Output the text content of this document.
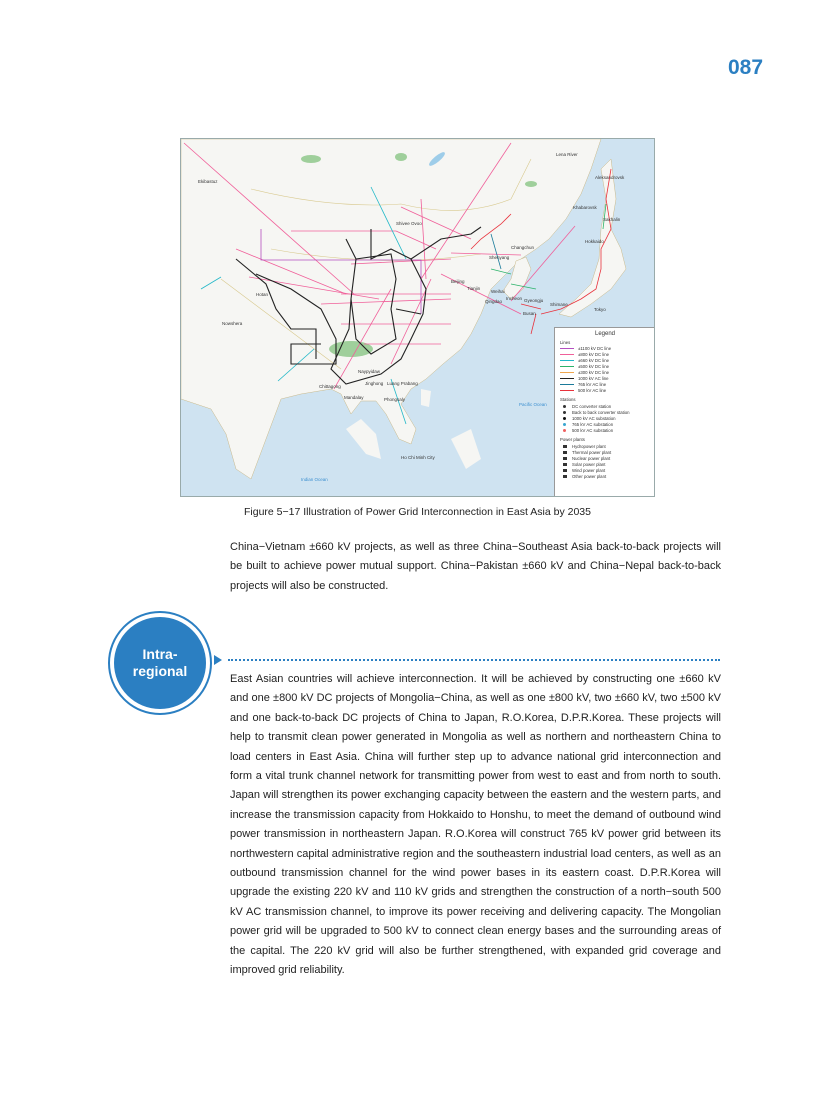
087
Ekibastuz
Lena River
Aleksandrovsk
Khabarovsk
Sakhalin
Hokkaido
Shivee Ovoo
Changchun
Shenyang
Beijing
Tianjin
Weihai
Qingdao
Incheon Gyeongju
Busan
Shimane
Tokyo
Hotan
Nowshera
Naypyidaw
Chittagong
Mandalay
Jinghong Luang Prabang
Phongsaly
Ho Chi Minh City
Pacific Ocean
Indian Ocean
Legend
Lines
±1100 kV DC line
±800 kV DC line
±660 kV DC line
±500 kV DC line
±300 kV DC line
1000 kV AC line
765 kV AC line
500 kV AC line
Stations
DC converter station
Back to back converter station
1000 kV AC substation
765 kV AC substation
500 kV AC substation
Power plants
Hydropower plant
Thermal power plant
Nuclear power plant
Solar power plant
Wind power plant
Other power plant
Figure 5−17 Illustration of Power Grid Interconnection in East Asia by 2035

China−Vietnam ±660 kV projects, as well as three China−Southeast Asia back-to-back projects will be built to achieve power mutual support. China−Pakistan ±660 kV and China−Nepal back-to-back projects will also be constructed.

Intra-
regional	East Asian countries will achieve interconnection. It will be achieved by constructing one ±660 kV and one ±800 kV DC projects of Mongolia−China, as well as one ±800 kV, two ±660 kV, two ±500 kV and one back-to-back DC projects of China to Japan, R.O.Korea, D.P.R.Korea. These projects will help to transmit clean power generated in Mongolia as well as northern and northeastern China to load centers in East Asia. China will further step up to advance national grid interconnection and form a vital trunk channel network for transmitting power from west to east and from north to south. Japan will strengthen its power exchanging capacity between the eastern and the western parts, and increase the transmission capacity from Hokkaido to Honshu, to meet the demand of outbound wind power transmission in northeastern Japan. R.O.Korea will construct 765 kV power grid between its northwestern capital administrative region and the southeastern industrial load centers, as well as an outbound transmission channel for the wind power bases in its eastern coast. D.P.R.Korea will upgrade the existing 220 kV and 110 kV grids and strengthen the construction of a north−south 500 kV AC transmission channel, to improve its power receiving and delivering capacity. The Mongolian power grid will be upgraded to 500 kV to connect clean energy bases and the surrounding areas of the capital. The 220 kV grid will also be further strengthened, with expanded grid coverage and improved grid reliability.
